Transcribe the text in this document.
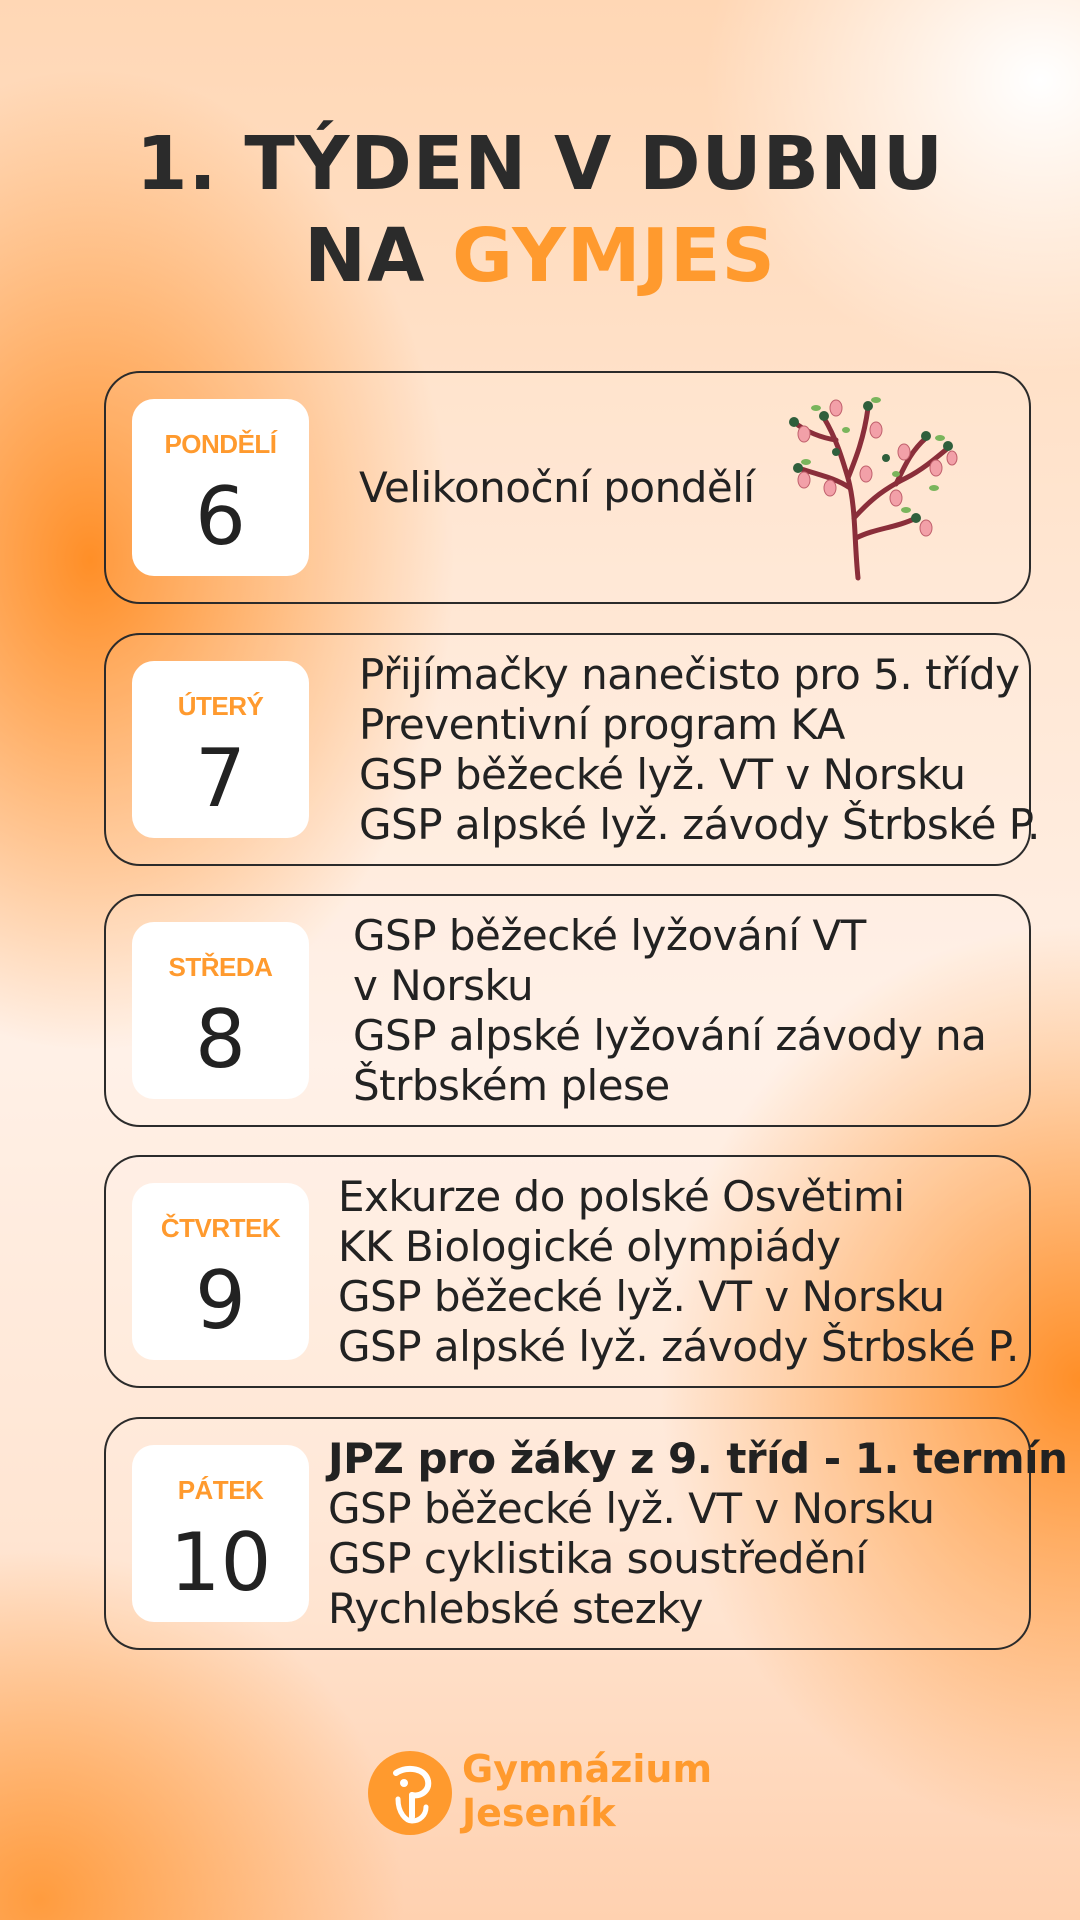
1. TÝDEN V DUBNU
NA GYMJES
PONDĚLÍ
6	Velikonoční pondělí
ÚTERÝ
7
Přijímačky nanečisto pro 5. třídy
Preventivní program KA
GSP běžecké lyž. VT v Norsku
GSP alpské lyž. závody Štrbské P.
STŘEDA
8
GSP běžecké lyžování VT
v Norsku
GSP alpské lyžování závody na
Štrbském plese
ČTVRTEK
9
Exkurze do polské Osvětimi
KK Biologické olympiády
GSP běžecké lyž. VT v Norsku
GSP alpské lyž. závody Štrbské P.
PÁTEK
10
JPZ pro žáky z 9. tříd - 1. termín
GSP běžecké lyž. VT v Norsku
GSP cyklistika soustředění
Rychlebské stezky
Gymnázium
Jeseník
